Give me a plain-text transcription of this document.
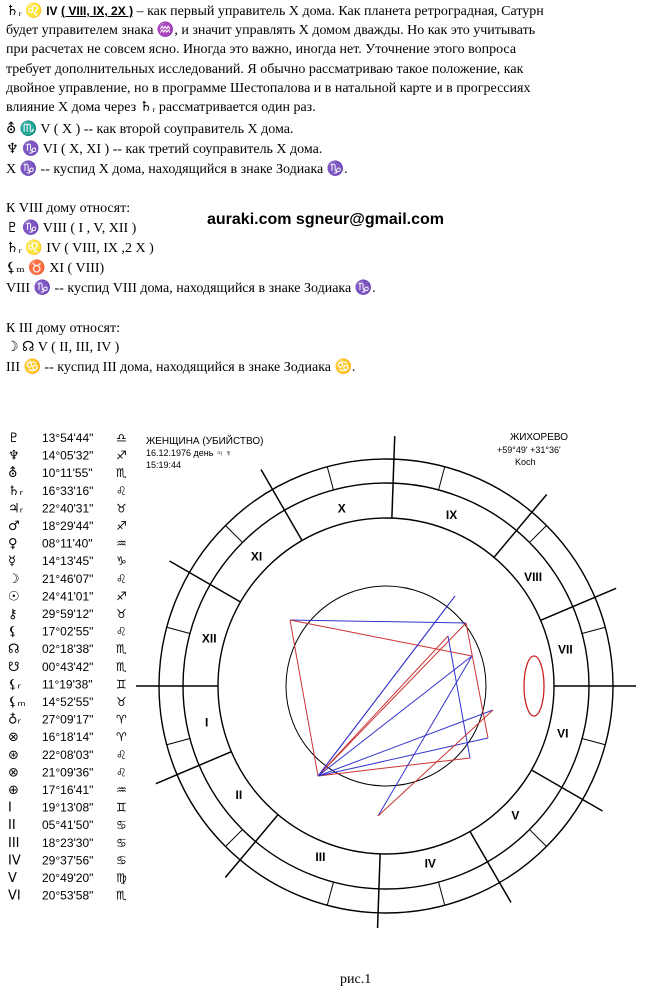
♄ᵣ ♌ IV ( VIII, IX, 2X ) – как первый управитель X дома. Как планета ретроградная, Сатурн
будет управителем знака ♒, и значит управлять X домом дважды. Но как это учитывать
при расчетах не совсем ясно. Иногда это важно, иногда нет. Уточнение этого вопроса
требует дополнительных исследований. Я обычно рассматриваю такое положение, как
двойное управление, но в программе Шестопалова и в натальной карте и в прогрессиях
влияние X дома через ♄ᵣ рассматривается один раз.
⛢ ♏ V ( X ) -- как второй соуправитель X дома.
♆ ♑ VI ( X, XI ) -- как третий соуправитель X дома.
X ♑ -- куспид X дома, находящийся в знаке Зодиака ♑.
К VIII дому относят:
♇ ♑ VIII ( I , V, XII )
♄ᵣ ♌ IV ( VIII, IX ,2 X )
⚸ₘ ♉ XI ( VIII)
VIII ♑ -- куспид VIII дома, находящийся в знаке Зодиака ♑.
К III дому относят:
☽ ☊ V ( II, III, IV )
III ♋ -- куспид III дома, находящийся в знаке Зодиака ♋.
auraki.com sgneur@gmail.com
♇ 13°54'44" ♎
♆ 14°05'32" ♐
⛢ 10°11'55" ♏
♄ᵣ 16°33'16" ♌
♃ᵣ 22°40'31" ♉
♂ 18°29'44" ♐
♀ 08°11'40" ♒
☿ 14°13'45" ♑
☽ 21°46'07" ♌
☉ 24°41'01" ♐
⚷ 29°59'12" ♉
⚸ 17°02'55" ♌
☊ 02°18'38" ♏
☋ 00°43'42" ♏
⚸ᵣ 11°19'38" ♊
⚸ₘ 14°52'55" ♉
♁ᵣ 27°09'17" ♈
⊗ 16°18'14" ♈
⊛ 22°08'03" ♌
⊗ 21°09'36" ♌
⊕ 17°16'41" ♒
I	19°13'08" ♊
II 05°41'50" ♋
III 18°23'30" ♋
IV 29°37'56" ♋
V 20°49'20" ♍
VI 20°53'58" ♏
ЖЕНЩИНА (УБИЙСТВО)
16.12.1976 день ♃ ♆
15:19:44
ЖИХОРЕВО
+59°49' +31°36'
Koch
I
II
III	IV
V
VI
VII
VIII
IX
X
XI
XII
рис.1
